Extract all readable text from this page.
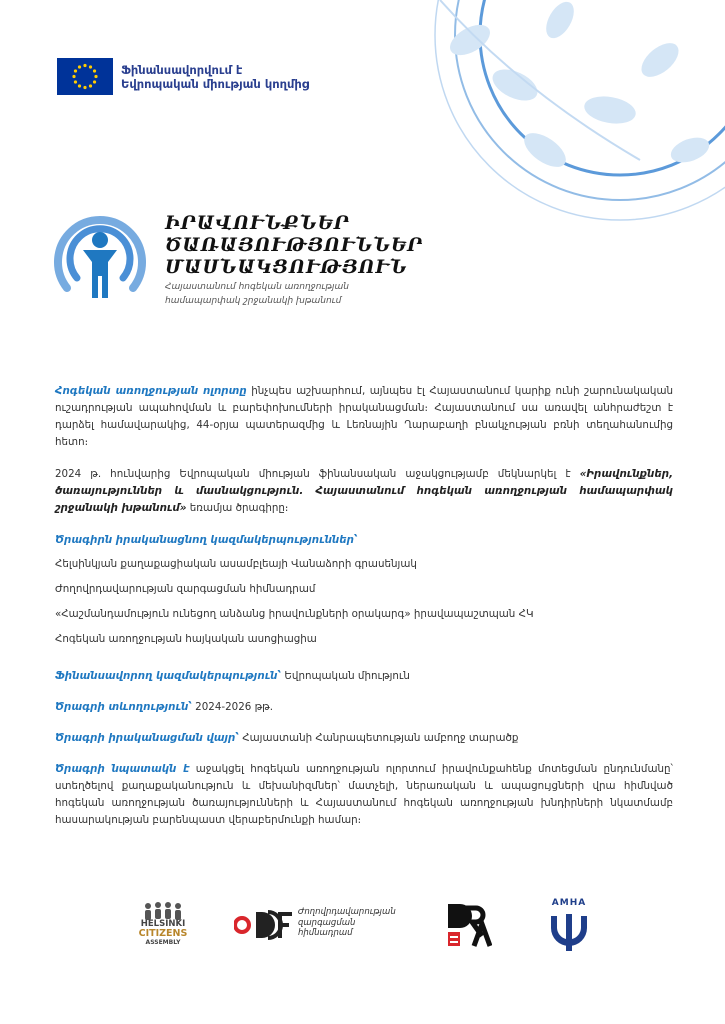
Ֆինանսավորվում է
Եվրոպական միության կողմից
ԻՐԱՎՈՒՆՔՆԵՐ
ԾԱՌԱՅՈՒԹՅՈՒՆՆԵՐ
ՄԱՍՆԱԿՑՈՒԹՅՈՒՆ
Հայաստանում հոգեկան առողջության
համապարփակ շրջանակի խթանում

Հոգեկան առողջության ոլորտը ինչպես աշխարհում, այնպես էլ Հայաստանում կարիք ունի շարունակական ուշադրության ապահովման և բարեփոխումների իրականացման։ Հայաստանում սա առավել անհրաժեշտ է դարձել համավարակից, 44-օրյա պատերազմից և Լեռնային Ղարաբաղի բնակչության բռնի տեղահանումից հետո։

2024 թ. հունվարից Եվրոպական միության ֆինանսական աջակցությամբ մեկնարկել է «Իրավունքներ, ծառայություններ և մասնակցություն. Հայաստանում հոգեկան առողջության համապարփակ շրջանակի խթանում» եռամյա ծրագիրը։

Ծրագիրն իրականացնող կազմակերպություններ՝
Հելսինկյան քաղաքացիական ասամբլեայի Վանաձորի գրասենյակ
Ժողովրդավարության զարգացման հիմնադրամ
«Հաշմանդամություն ունեցող անձանց իրավունքների օրակարգ» իրավապաշտպան ՀԿ
Հոգեկան առողջության հայկական ասոցիացիա
Ֆինանսավորող կազմակերպություն՝ Եվրոպական միություն
Ծրագրի տևողություն՝ 2024-2026 թթ.
Ծրագրի իրականացման վայր՝ Հայաստանի Հանրապետության ամբողջ տարածք
Ծրագրի նպատակն է աջակցել հոգեկան առողջության ոլորտում իրավունքահենք մոտեցման ընդունմանը՝ ստեղծելով քաղաքականություն և մեխանիզմներ՝ մատչելի, ներառական և ապացույցների վրա հիմնված հոգեկան առողջության ծառայությունների և Հայաստանում հոգեկան առողջության խնդիրների նկատմամբ հասարակության բարենպաստ վերաբերմունքի համար։
HELSINKI
CITIZENS
ASSEMBLY
Ժողովրդավարության
զարգացման
հիմնադրամ
AMHA
